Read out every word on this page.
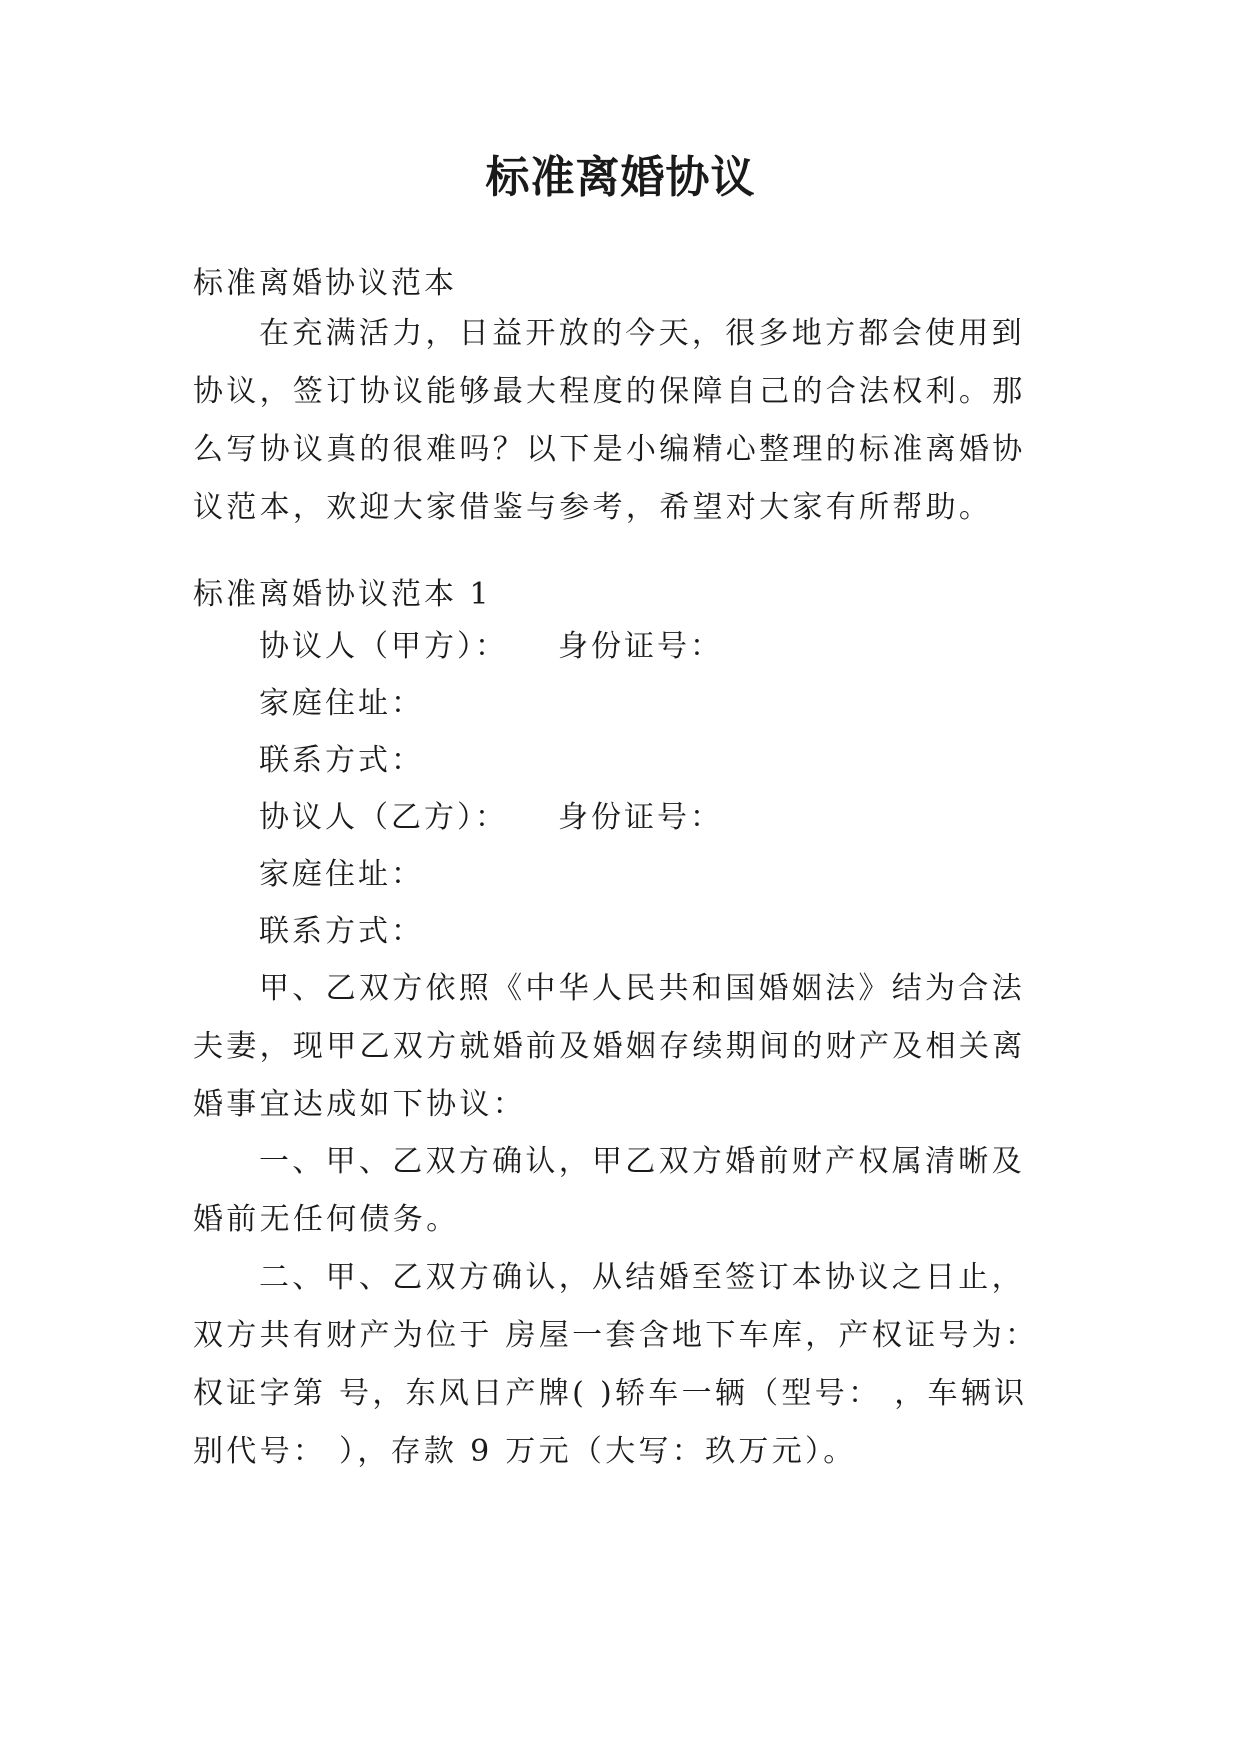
标准离婚协议
标准离婚协议范本
在充满活力，日益开放的今天，很多地方都会使用到协议，签订协议能够最大程度的保障自己的合法权利。那么写协议真的很难吗？以下是小编精心整理的标准离婚协议范本，欢迎大家借鉴与参考，希望对大家有所帮助。
标准离婚协议范本 1
协议人（甲方）： 身份证号：
家庭住址：
联系方式：
协议人（乙方）： 身份证号：
家庭住址：
联系方式：
甲、乙双方依照《中华人民共和国婚姻法》结为合法夫妻，现甲乙双方就婚前及婚姻存续期间的财产及相关离婚事宜达成如下协议：
一、甲、乙双方确认，甲乙双方婚前财产权属清晰及婚前无任何债务。
二、甲、乙双方确认，从结婚至签订本协议之日止，双方共有财产为位于 房屋一套含地下车库，产权证号为：权证字第 号，东风日产牌( )轿车一辆（型号： ，车辆识别代号： ），存款 9 万元（大写：玖万元）。
